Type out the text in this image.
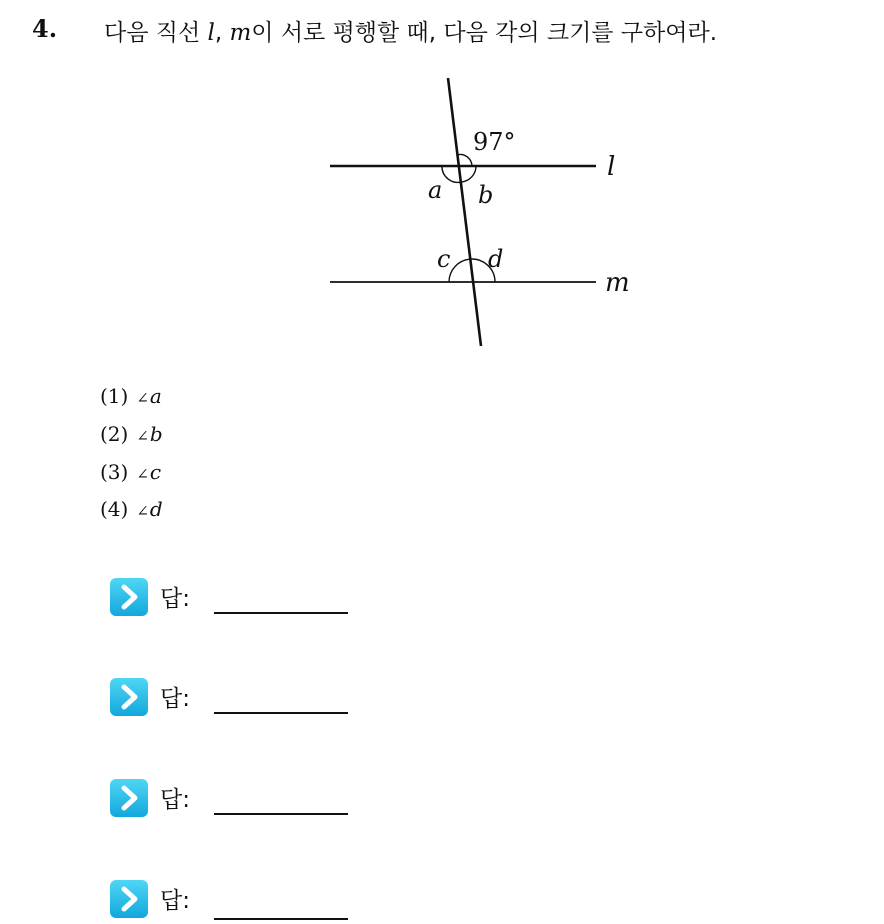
4. 다음 직선 l, m이 서로 평행할 때, 다음 각의 크기를 구하여라.
97°
a b
c d
l
m
(1) ∠a
(2) ∠b
(3) ∠c
(4) ∠d
답:
답:
답:
답:
